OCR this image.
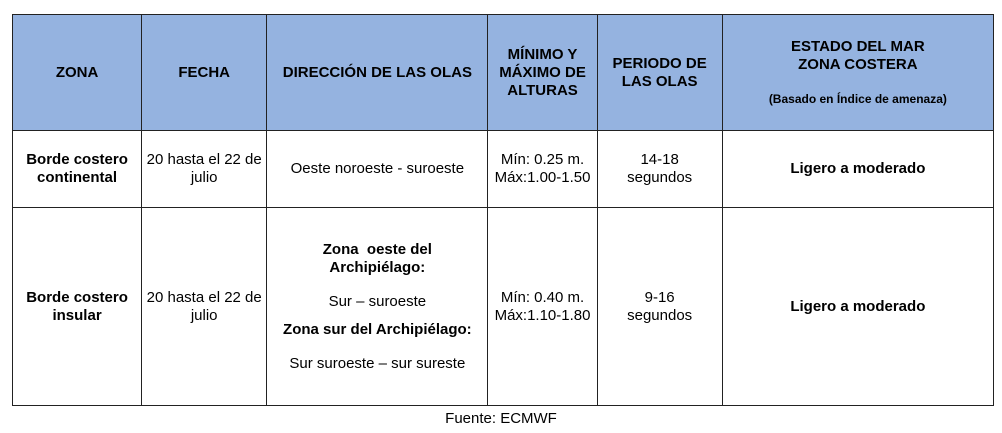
ZONA	FECHA	DIRECCIÓN DE LAS OLAS	MÍNIMO Y
MÁXIMO DE
ALTURAS	PERIODO DE
LAS OLAS	ESTADO DEL MAR
ZONA COSTERA
(Basado en Índice de amenaza)

Borde costero
continental	20 hasta el 22 de
julio	Oeste noroeste - suroeste	Mín: 0.25 m.
Máx:1.00-1.50	14-18
segundos	Ligero a moderado

Borde costero
insular	20 hasta el 22 de
julio	Zona  oeste del
Archipiélago:
Sur – suroeste
Zona sur del Archipiélago:
Sur suroeste – sur sureste	Mín: 0.40 m.
Máx:1.10-1.80	9-16
segundos	Ligero a moderado
Fuente: ECMWF
